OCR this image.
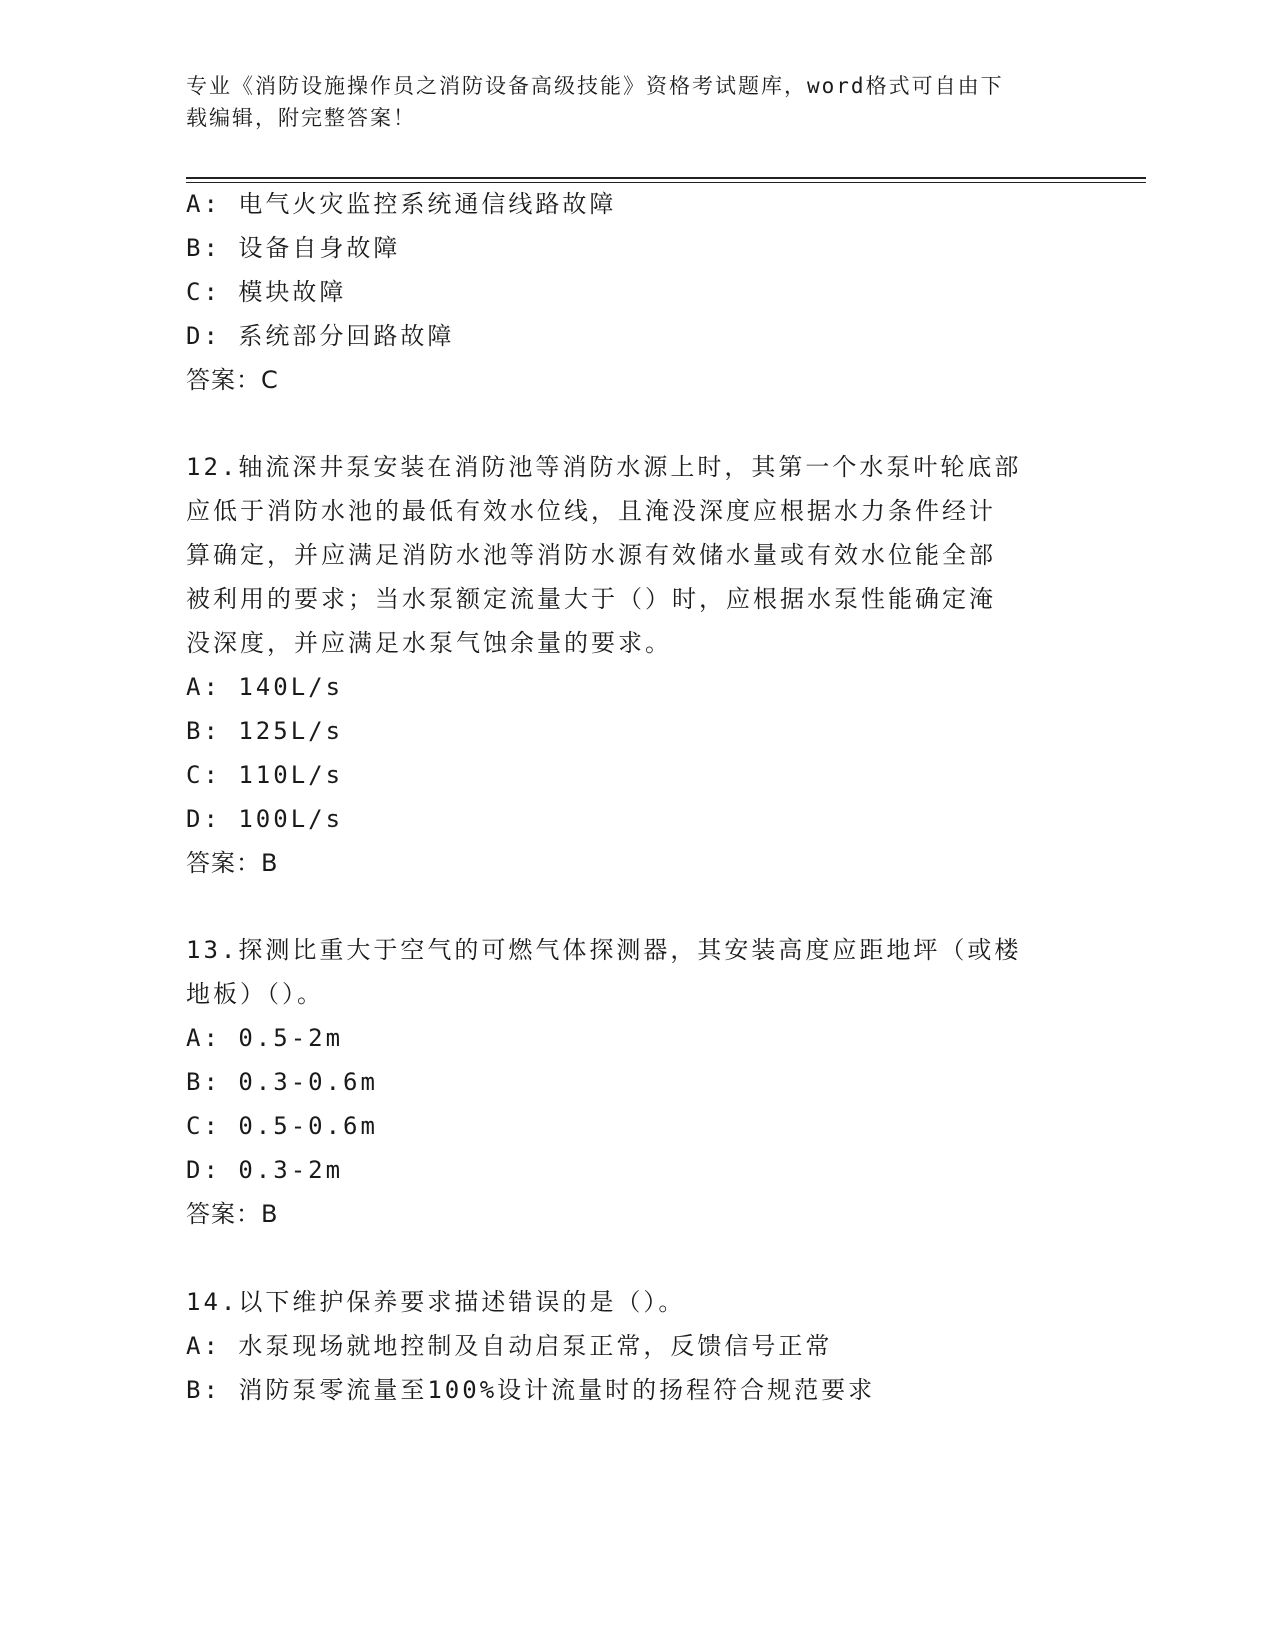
专业《消防设施操作员之消防设备高级技能》资格考试题库，word格式可自由下
载编辑，附完整答案！
A: 电气火灾监控系统通信线路故障
B: 设备自身故障
C: 模块故障
D: 系统部分回路故障
答案：C
12.轴流深井泵安装在消防池等消防水源上时，其第一个水泵叶轮底部
应低于消防水池的最低有效水位线，且淹没深度应根据水力条件经计
算确定，并应满足消防水池等消防水源有效储水量或有效水位能全部
被利用的要求；当水泵额定流量大于（）时，应根据水泵性能确定淹
没深度，并应满足水泵气蚀余量的要求。
A: 140L/s
B: 125L/s
C: 110L/s
D: 100L/s
答案：B
13.探测比重大于空气的可燃气体探测器，其安装高度应距地坪（或楼
地板）（）。
A: 0.5-2m
B: 0.3-0.6m
C: 0.5-0.6m
D: 0.3-2m
答案：B
14.以下维护保养要求描述错误的是（）。
A: 水泵现场就地控制及自动启泵正常，反馈信号正常
B: 消防泵零流量至100%设计流量时的扬程符合规范要求
